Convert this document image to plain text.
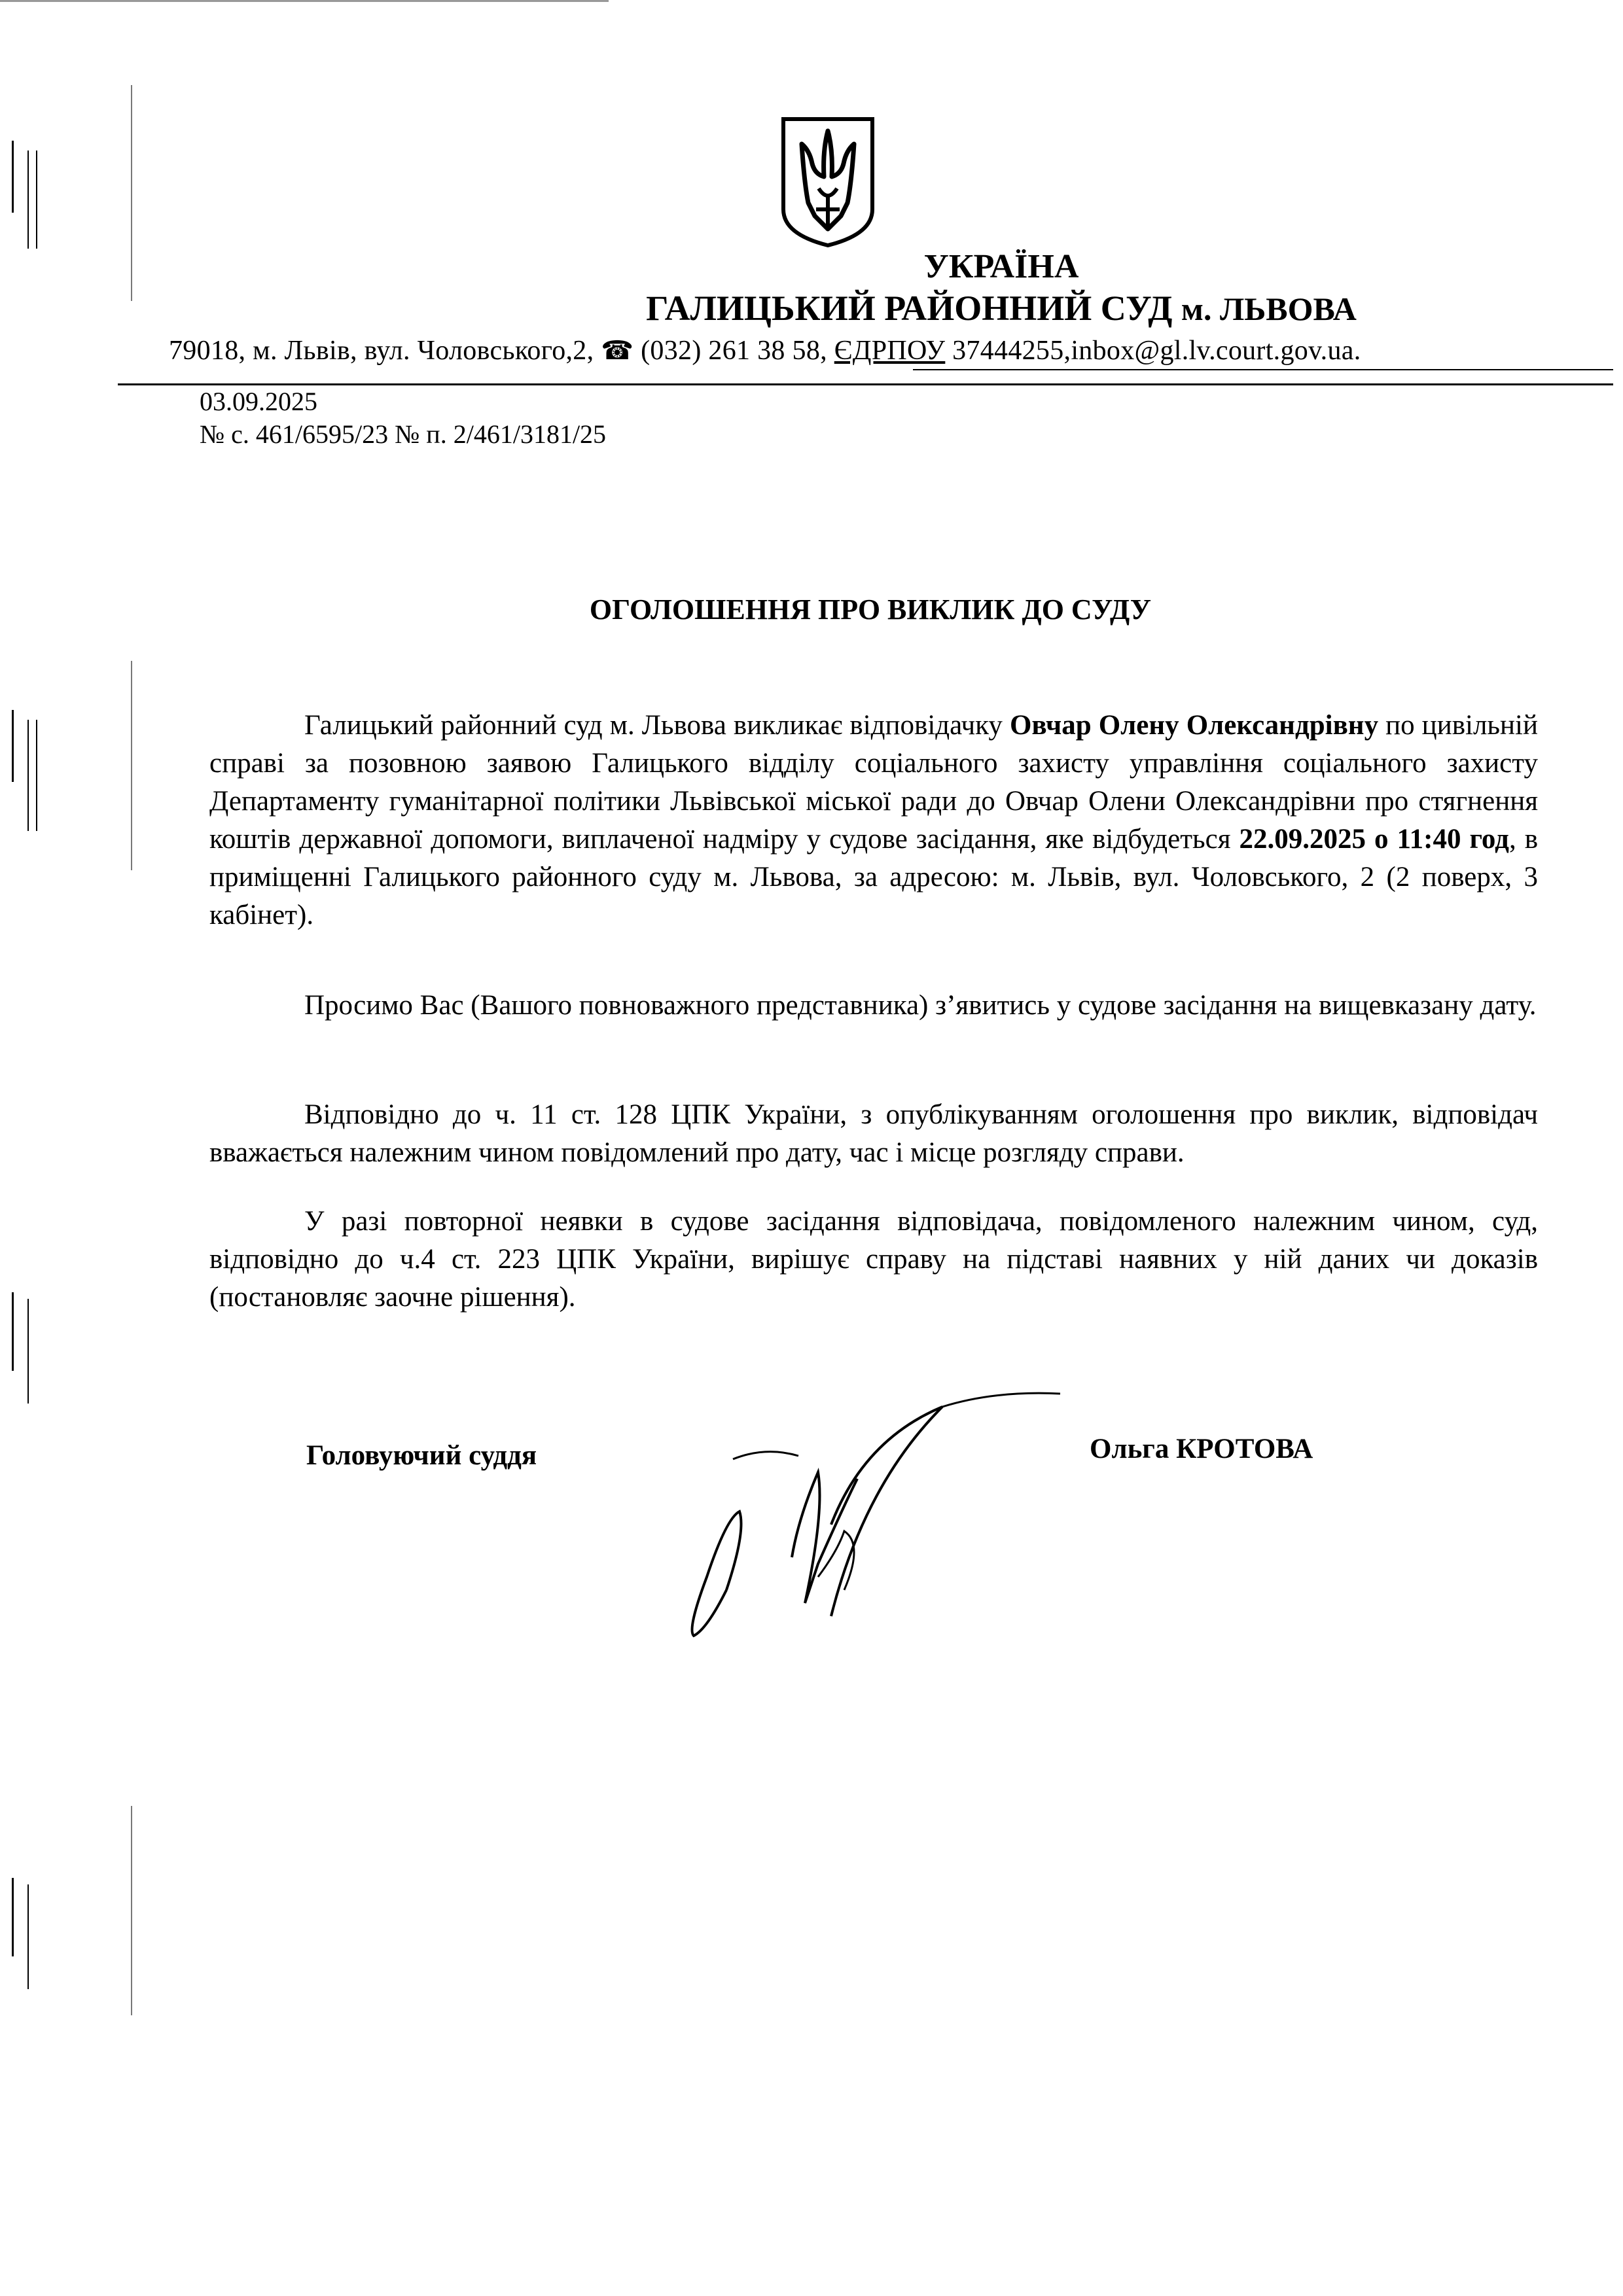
УКРАЇНА
ГАЛИЦЬКИЙ РАЙОННИЙ СУД м. ЛЬВОВА
79018, м. Львів, вул. Чоловського,2, ☎ (032) 261 38 58, ЄДРПОУ 37444255,inbox@gl.lv.court.gov.ua.
03.09.2025
№ с. 461/6595/23 № п. 2/461/3181/25
ОГОЛОШЕННЯ ПРО ВИКЛИК ДО СУДУ
Галицький районний суд м. Львова викликає відповідачку Овчар Олену Олександрівну по цивільній справі за позовною заявою Галицького відділу соціального захисту управління соціального захисту Департаменту гуманітарної політики Львівської міської ради до Овчар Олени Олександрівни про стягнення коштів державної допомоги, виплаченої надміру у судове засідання, яке відбудеться 22.09.2025 о 11:40 год, в приміщенні Галицького районного суду м. Львова, за адресою: м. Львів, вул. Чоловського, 2 (2 поверх, 3 кабінет).
Просимо Вас (Вашого повноважного представника) з’явитись у судове засідання на вищевказану дату.
Відповідно до ч. 11 ст. 128 ЦПК України, з опублікуванням оголошення про виклик, відповідач вважається належним чином повідомлений про дату, час і місце розгляду справи.
У разі повторної неявки в судове засідання відповідача, повідомленого належним чином, суд, відповідно до ч.4 ст. 223 ЦПК України, вирішує справу на підставі наявних у ній даних чи доказів (постановляє заочне рішення).
Головуючий суддя	Ольга КРОТОВА
